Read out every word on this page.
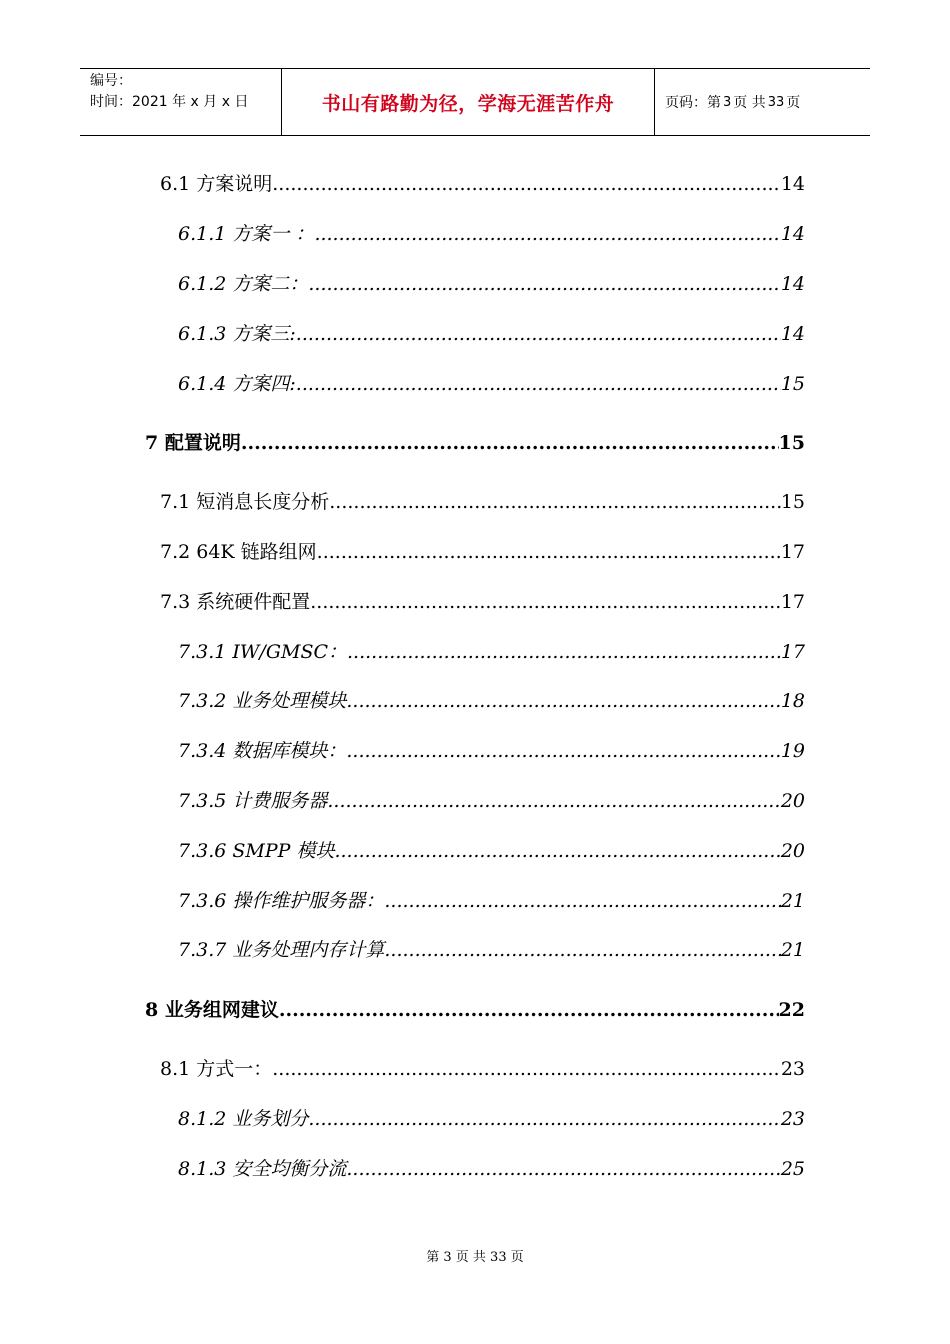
编号：
时间：2021 年 x 月 x 日	书山有路勤为径，学海无涯苦作舟	页码：第 3 页 共 33 页
6.1 方案说明 .....	14
6.1.1 方案一 ： .....	14
6.1.2 方案二： .....	14
6.1.3 方案三: .....	14
6.1.4 方案四: .....	15
7 配置说明 .....	15
7.1 短消息长度分析 .....	15
7.2 64K 链路组网 .....	17
7.3 系统硬件配置 .....	17
7.3.1 IW/GMSC： .....	17
7.3.2 业务处理模块 .....	18
7.3.4 数据库模块： .....	19
7.3.5 计费服务器 .....	20
7.3.6 SMPP 模块 .....	20
7.3.6 操作维护服务器： .....	21
7.3.7 业务处理内存计算 .....	21
8 业务组网建议 .....	22
8.1 方式一： .....	23
8.1.2 业务划分 .....	23
8.1.3 安全均衡分流 .....	25
第 3 页 共 33 页
